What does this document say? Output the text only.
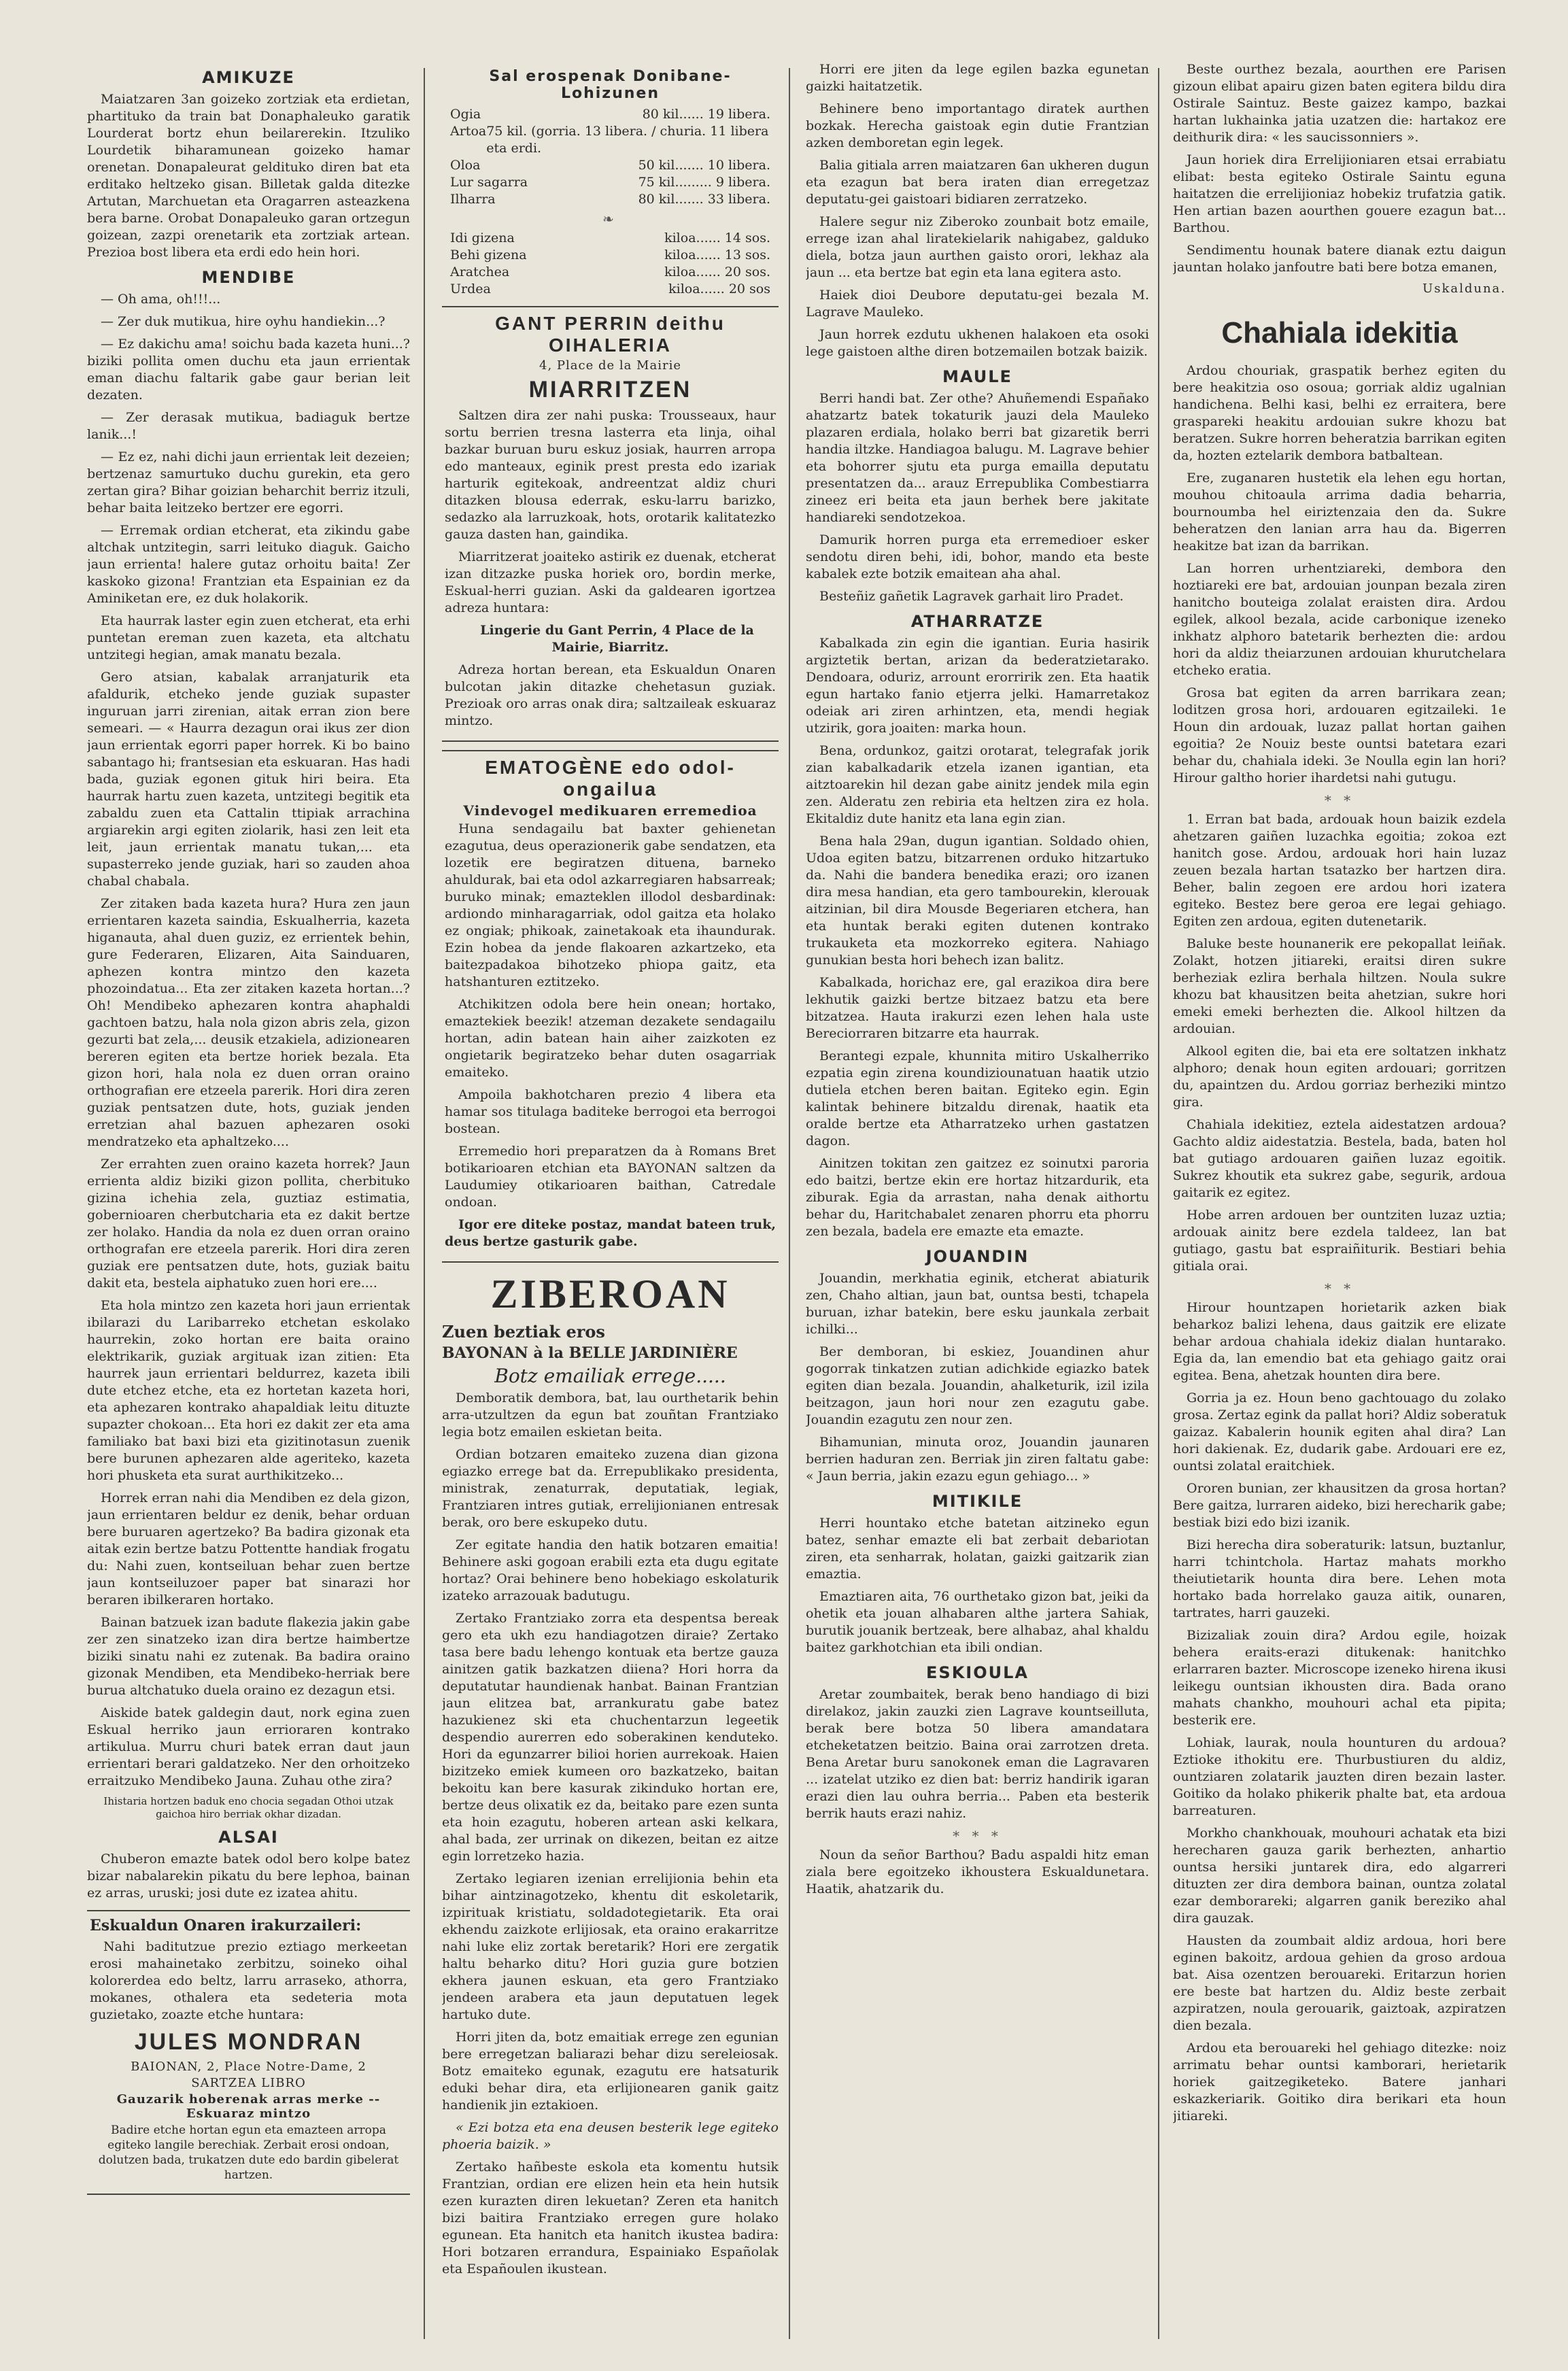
AMIKUZE

Maiatzaren 3an goizeko zortziak eta erdietan, phartituko da train bat Donaphaleuko garatik Lourderat bortz ehun beilarerekin. Itzuliko Lourdetik biharamunean goizeko hamar orenetan. Donapaleurat geldituko diren bat eta erditako heltzeko gisan. Billetak galda ditezke Artutan, Marchuetan eta Oragarren asteazkena bera barne. Orobat Donapaleuko garan ortzegun goizean, zazpi orenetarik eta zortziak artean. Prezioa bost libera eta erdi edo hein hori.

MENDIBE

— Oh ama, oh!!!...

— Zer duk mutikua, hire oyhu handiekin...?

— Ez dakichu ama! soichu bada kazeta huni...? biziki pollita omen duchu eta jaun errientak eman diachu faltarik gabe gaur berian leit dezaten.

— Zer derasak mutikua, badiaguk bertze lanik...!

— Ez ez, nahi dichi jaun errientak leit dezeien; bertzenaz samurtuko duchu gurekin, eta gero zertan gira? Bihar goizian beharchit berriz itzuli, behar baita leitzeko bertzer ere egorri.

— Erremak ordian etcherat, eta zikindu gabe altchak untzitegin, sarri leituko diaguk. Gaicho jaun errienta! halere gutaz orhoitu baita! Zer kaskoko gizona! Frantzian eta Espainian ez da Aminiketan ere, ez duk holakorik.

Eta haurrak laster egin zuen etcherat, eta erhi puntetan ereman zuen kazeta, eta altchatu untzitegi hegian, amak manatu bezala.

Gero atsian, kabalak arranjaturik eta afaldurik, etcheko jende guziak supaster inguruan jarri zirenian, aitak erran zion bere semeari. — « Haurra dezagun orai ikus zer dion jaun errientak egorri paper horrek. Ki bo baino sabantago hi; frantsesian eta eskuaran. Has hadi bada, guziak egonen gituk hiri beira. Eta haurrak hartu zuen kazeta, untzitegi begitik eta zabaldu zuen eta Cattalin ttipiak arrachina argiarekin argi egiten ziolarik, hasi zen leit eta leit, jaun errientak manatu tukan,... eta supasterreko jende guziak, hari so zauden ahoa chabal chabala.

Zer zitaken bada kazeta hura? Hura zen jaun errientaren kazeta saindia, Eskualherria, kazeta higanauta, ahal duen guziz, ez errientek behin, gure Federaren, Elizaren, Aita Sainduaren, aphezen kontra mintzo den kazeta phozoindatua... Eta zer zitaken kazeta hortan...? Oh! Mendibeko aphezaren kontra ahaphaldi gachtoen batzu, hala nola gizon abris zela, gizon gezurti bat zela,... deusik etzakiela, adizionearen bereren egiten eta bertze horiek bezala. Eta gizon hori, hala nola ez duen orran oraino orthografian ere etzeela parerik. Hori dira zeren guziak pentsatzen dute, hots, guziak jenden erretzian ahal bazuen aphezaren osoki mendratzeko eta aphaltzeko....

Zer errahten zuen oraino kazeta horrek? Jaun errienta aldiz biziki gizon pollita, cherbituko gizina ichehia zela, guztiaz estimatia, gobernioaren cherbutcharia eta ez dakit bertze zer holako. Handia da nola ez duen orran oraino orthografan ere etzeela parerik. Hori dira zeren guziak ere pentsatzen dute, hots, guziak baitu dakit eta, bestela aiphatuko zuen hori ere....

Eta hola mintzo zen kazeta hori jaun errientak ibilarazi du Laribarreko etchetan eskolako haurrekin, zoko hortan ere baita oraino elektrikarik, guziak argituak izan zitien: Eta haurrek jaun errientari beldurrez, kazeta ibili dute etchez etche, eta ez hortetan kazeta hori, eta aphezaren kontrako ahapaldiak leitu dituzte supazter chokoan... Eta hori ez dakit zer eta ama familiako bat baxi bizi eta gizitinotasun zuenik bere burunen aphezaren alde ageriteko, kazeta hori phusketa eta surat aurthikitzeko...

Horrek erran nahi dia Mendiben ez dela gizon, jaun errientaren beldur ez denik, behar orduan bere buruaren agertzeko? Ba badira gizonak eta aitak ezin bertze batzu Pottentte handiak frogatu du: Nahi zuen, kontseiluan behar zuen bertze jaun kontseiluzoer paper bat sinarazi hor beraren ibilkeraren hortako.

Bainan batzuek izan badute flakezia jakin gabe zer zen sinatzeko izan dira bertze haimbertze biziki sinatu nahi ez zutenak. Ba badira oraino gizonak Mendiben, eta Mendibeko-herriak bere burua altchatuko duela oraino ez dezagun etsi.

Aiskide batek galdegin daut, nork egina zuen Eskual herriko jaun errioraren kontrako artikulua. Murru churi batek erran daut jaun errientari berari galdatzeko. Ner den orhoitzeko erraitzuko Mendibeko Jauna. Zuhau othe zira?

Ihistaria hortzen baduk eno chocia segadan Othoi utzak gaichoa hiro berriak okhar dizadan.

ALSAI

Chuberon emazte batek odol bero kolpe batez bizar nabalarekin pikatu du bere lephoa, bainan ez arras, uruski; josi dute ez izatea ahitu.

Eskualdun Onaren irakurzaileri:

Nahi baditutzue prezio eztiago merkeetan erosi mahainetako zerbitzu, soineko oihal kolorerdea edo beltz, larru arraseko, athorra, mokanes, othalera eta sedeteria mota guzietako, zoazte etche huntara:

JULES MONDRAN
BAIONAN, 2, Place Notre-Dame, 2
SARTZEA LIBRO
Gauzarik hoberenak arras merke -- Eskuaraz mintzo

Badire etche hortan egun eta emazteen arropa egiteko langile berechiak. Zerbait erosi ondoan, dolutzen bada, trukatzen dute edo bardin gibelerat hartzen.

Sal erospenak Donibane-Lohizunen
Ogia	80 kil...... 19 libera.
Artoa 75 kil. (gorria. 13 libera. / churia. 11 libera eta erdi.
Oloa	50 kil....... 10 libera.
Lur sagarra	75 kil......... 9 libera.
Ilharra	80 kil....... 33 libera.
❧
Idi gizena	kiloa...... 14 sos.
Behi gizena	kiloa...... 13 sos.
Aratchea	kiloa...... 20 sos.
Urdea	kiloa...... 20 sos
GANT PERRIN deithu OIHALERIA
4, Place de la Mairie
MIARRITZEN

Saltzen dira zer nahi puska: Trousseaux, haur sortu berrien tresna lasterra eta linja, oihal bazkar buruan buru eskuz josiak, haurren arropa edo manteaux, eginik prest presta edo izariak harturik egitekoak, andreentzat aldiz churi ditazken blousa ederrak, esku-larru barizko, sedazko ala larruzkoak, hots, orotarik kalitatezko gauza dasten han, gaindika.

Miarritzerat joaiteko astirik ez duenak, etcherat izan ditzazke puska horiek oro, bordin merke, Eskual-herri guzian. Aski da galdearen igortzea adreza huntara:

Lingerie du Gant Perrin, 4 Place de la Mairie, Biarritz.

Adreza hortan berean, eta Eskualdun Onaren bulcotan jakin ditazke chehetasun guziak. Prezioak oro arras onak dira; saltzaileak eskuaraz mintzo.

EMATOGÈNE edo odol-ongailua
Vindevogel medikuaren erremedioa

Huna sendagailu bat baxter gehienetan ezagutua, deus operazionerik gabe sendatzen, eta lozetik ere begiratzen dituena, barneko ahuldurak, bai eta odol azkarregiaren habsarreak; buruko minak; emazteklen illodol desbardinak: ardiondo minharagarriak, odol gaitza eta holako ez ongiak; phikoak, zainetakoak eta ihaundurak. Ezin hobea da jende flakoaren azkartzeko, eta baitezpadakoa bihotzeko phiopa gaitz, eta hatshanturen eztitzeko.

Atchikitzen odola bere hein onean; hortako, emaztekiek beezik! atzeman dezakete sendagailu hortan, adin batean hain aiher zaizkoten ez ongietarik begiratzeko behar duten osagarriak emaiteko.

Ampoila bakhotcharen prezio 4 libera eta hamar sos titulaga baditeke berrogoi eta berrogoi bostean.

Erremedio hori preparatzen da à Romans Bret botikarioaren etchian eta BAYONAN saltzen da Laudumiey otikarioaren baithan, Catredale ondoan.

Igor ere diteke postaz, mandat bateen truk, deus bertze gasturik gabe.

ZIBEROAN
Zuen beztiak eros
BAYONAN à la BELLE JARDINIÈRE
Botz emailiak errege.....

Demboratik dembora, bat, lau ourthetarik behin arra-utzultzen da egun bat zouñtan Frantziako legia botz emailen eskietan beita.

Ordian botzaren emaiteko zuzena dian gizona egiazko errege bat da. Errepublikako presidenta, ministrak, zenaturrak, deputatiak, legiak, Frantziaren intres gutiak, errelijionianen entresak berak, oro bere eskupeko dutu.

Zer egitate handia den hatik botzaren emaitia! Behinere aski gogoan erabili ezta eta dugu egitate hortaz? Orai behinere beno hobekiago eskolaturik izateko arrazouak badutugu.

Zertako Frantziako zorra eta despentsa bereak gero eta ukh ezu handiagotzen diraie? Zertako tasa bere badu lehengo kontuak eta bertze gauza ainitzen gatik bazkatzen diiena? Hori horra da deputatutar haundienak hanbat. Bainan Frantzian jaun elitzea bat, arrankuratu gabe batez hazukienez ski eta chuchentarzun legeetik despendio aurerren edo soberakinen kenduteko. Hori da egunzarrer bilioi horien aurrekoak. Haien bizitzeko emiek kumeen oro bazkatzeko, baitan bekoitu kan bere kasurak zikinduko hortan ere, bertze deus olixatik ez da, beitako pare ezen sunta eta hoin ezagutu, hoberen artean aski kelkara, ahal bada, zer urrinak on dikezen, beitan ez aitze egin lorretzeko hazia.

Zertako legiaren izenian errelijionia behin eta bihar aintzinagotzeko, khentu dit eskoletarik, izpirituak kristiatu, soldadotegietarik. Eta orai ekhendu zaizkote erlijiosak, eta oraino erakarritze nahi luke eliz zortak beretarik? Hori ere zergatik haltu beharko ditu? Hori guzia gure botzien ekhera jaunen eskuan, eta gero Frantziako jendeen arabera eta jaun deputatuen legek hartuko dute.

Horri jiten da, botz emaitiak errege zen egunian bere erregetzan baliarazi behar dizu sereleiosak. Botz emaiteko egunak, ezagutu ere hatsaturik eduki behar dira, eta erlijionearen ganik gaitz handienik jin eztakioen.

« Ezi botza eta ena deusen besterik lege egiteko phoeria baizik. »

Zertako hañbeste eskola eta komentu hutsik Frantzian, ordian ere elizen hein eta hein hutsik ezen kurazten diren lekuetan? Zeren eta hanitch bizi baitira Frantziako erregen gure holako egunean. Eta hanitch eta hanitch ikustea badira: Hori botzaren errandura, Espainiako Españolak eta Españoulen ikustean.

Horri ere jiten da lege egilen bazka egunetan gaizki haitatzetik.

Behinere beno importantago diratek aurthen bozkak. Herecha gaistoak egin dutie Frantzian azken demboretan egin legek.

Balia gitiala arren maiatzaren 6an ukheren dugun eta ezagun bat bera iraten dian erregetzaz deputatu-gei gaistoari bidiaren zerratzeko.

Halere segur niz Ziberoko zounbait botz emaile, errege izan ahal liratekielarik nahigabez, galduko diela, botza jaun aurthen gaisto orori, lekhaz ala jaun ... eta bertze bat egin eta lana egitera asto.

Haiek dioi Deubore deputatu-gei bezala M. Lagrave Mauleko.

Jaun horrek ezdutu ukhenen halakoen eta osoki lege gaistoen althe diren botzemailen botzak baizik.

MAULE

Berri handi bat. Zer othe? Ahuñemendi Españako ahatzartz batek tokaturik jauzi dela Mauleko plazaren erdiala, holako berri bat gizaretik berri handia iltzke. Handiagoa balugu. M. Lagrave behier eta bohorrer sjutu eta purga emailla deputatu presentatzen da... arauz Errepublika Combestiarra zineez eri beita eta jaun berhek bere jakitate handiareki sendotzekoa.

Damurik horren purga eta erremedioer esker sendotu diren behi, idi, bohor, mando eta beste kabalek ezte botzik emaitean aha ahal.

Besteñiz gañetik Lagravek garhait liro Pradet.

ATHARRATZE

Kabalkada zin egin die igantian. Euria hasirik argiztetik bertan, arizan da bederatzietarako. Dendoara, oduriz, arrount erorririk zen. Eta haatik egun hartako fanio etjerra jelki. Hamarretakoz odeiak ari ziren arhintzen, eta, mendi hegiak utzirik, gora joaiten: marka houn.

Bena, ordunkoz, gaitzi orotarat, telegrafak jorik zian kabalkadarik etzela izanen igantian, eta aitztoarekin hil dezan gabe ainitz jendek mila egin zen. Alderatu zen rebiria eta heltzen zira ez hola. Ekitaldiz dute hanitz eta lana egin zian.

Bena hala 29an, dugun igantian. Soldado ohien, Udoa egiten batzu, bitzarrenen orduko hitzartuko da. Nahi die bandera benedika erazi; oro izanen dira mesa handian, eta gero tambourekin, klerouak aitzinian, bil dira Mousde Begeriaren etchera, han eta huntak beraki egiten dutenen kontrako trukauketa eta mozkorreko egitera. Nahiago gunukian besta hori behech izan balitz.

Kabalkada, horichaz ere, gal erazikoa dira bere lekhutik gaizki bertze bitzaez batzu eta bere bitzatzea. Hauta irakurzi ezen lehen hala uste Bereciorraren bitzarre eta haurrak.

Berantegi ezpale, khunnita mitiro Uskalherriko ezpatia egin zirena koundiziounatuan haatik utzio dutiela etchen beren baitan. Egiteko egin. Egin kalintak behinere bitzaldu direnak, haatik eta oralde bertze eta Atharratzeko urhen gastatzen dagon.

Ainitzen tokitan zen gaitzez ez soinutxi paroria edo baitzi, bertze ekin ere hortaz hitzardurik, eta ziburak. Egia da arrastan, naha denak aithortu behar du, Haritchabalet zenaren phorru eta phorru zen bezala, badela ere emazte eta emazte.

JOUANDIN

Jouandin, merkhatia eginik, etcherat abiaturik zen, Chaho altian, jaun bat, ountsa besti, tchapela buruan, izhar batekin, bere esku jaunkala zerbait ichilki...

Ber demboran, bi eskiez, Jouandinen ahur gogorrak tinkatzen zutian adichkide egiazko batek egiten dian bezala. Jouandin, ahalketurik, izil izila beitzagon, jaun hori nour zen ezagutu gabe. Jouandin ezagutu zen nour zen.

Bihamunian, minuta oroz, Jouandin jaunaren berrien haduran zen. Berriak jin ziren faltatu gabe: « Jaun berria, jakin ezazu egun gehiago... »

MITIKILE

Herri hountako etche batetan aitzineko egun batez, senhar emazte eli bat zerbait debariotan ziren, eta senharrak, holatan, gaizki gaitzarik zian emaztia.

Emaztiaren aita, 76 ourthetako gizon bat, jeiki da ohetik eta jouan alhabaren althe jartera Sahiak, burutik jouanik bertzeak, bere alhabaz, ahal khaldu baitez garkhotchian eta ibili ondian.

ESKIOULA

Aretar zoumbaitek, berak beno handiago di bizi direlakoz, jakin zauzki zien Lagrave kountseilluta, berak bere botza 50 libera amandatara etcheketatzen beitzio. Baina orai zarrotzen dreta. Bena Aretar buru sanokonek eman die Lagravaren ... izatelat utziko ez dien bat: berriz handirik igaran erazi dien lau ouhra berria... Paben eta besterik berrik hauts erazi nahiz.

* * *

Noun da señor Barthou? Badu aspaldi hitz eman ziala bere egoitzeko ikhoustera Eskualdunetara. Haatik, ahatzarik du.

Beste ourthez bezala, aourthen ere Parisen gizoun elibat apairu gizen baten egitera bildu dira Ostirale Saintuz. Beste gaizez kampo, bazkai hartan lukhainka jatia uzatzen die: hartakoz ere deithurik dira: « les saucissonniers ».

Jaun horiek dira Errelijioniaren etsai errabiatu elibat: besta egiteko Ostirale Saintu eguna haitatzen die errelijioniaz hobekiz trufatzia gatik. Hen artian bazen aourthen gouere ezagun bat... Barthou.

Sendimentu hounak batere dianak eztu daigun jauntan holako janfoutre bati bere botza emanen,

Uskalduna.
Chahiala idekitia

Ardou chouriak, graspatik berhez egiten du bere heakitzia oso osoua; gorriak aldiz ugalnian handichena. Belhi kasi, belhi ez erraitera, bere graspareki heakitu ardouian sukre khozu bat beratzen. Sukre horren beheratzia barrikan egiten da, hozten eztelarik dembora batbaltean.

Ere, zuganaren hustetik ela lehen egu hortan, mouhou chitoaula arrima dadia beharria, bournoumba hel eiriztenzaia den da. Sukre beheratzen den lanian arra hau da. Bigerren heakitze bat izan da barrikan.

Lan horren urhentziareki, dembora den hoztiareki ere bat, ardouian jounpan bezala ziren hanitcho bouteiga zolalat eraisten dira. Ardou egilek, alkool bezala, acide carbonique izeneko inkhatz alphoro batetarik berhezten die: ardou hori da aldiz theiarzunen ardouian khurutchelara etcheko eratia.

Grosa bat egiten da arren barrikara zean; loditzen grosa hori, ardouaren egitzaileki. 1e Houn din ardouak, luzaz pallat hortan gaihen egoitia? 2e Nouiz beste ountsi batetara ezari behar du, chahiala ideki. 3e Noulla egin lan hori? Hirour galtho horier ihardetsi nahi gutugu.

* *

1. Erran bat bada, ardouak houn baizik ezdela ahetzaren gaiñen luzachka egoitia; zokoa ezt hanitch gose. Ardou, ardouak hori hain luzaz zeuen bezala hartan tsatazko ber hartzen dira. Beher, balin zegoen ere ardou hori izatera egiteko. Bestez bere geroa ere legai gehiago. Egiten zen ardoua, egiten dutenetarik.

Baluke beste hounanerik ere pekopallat leiñak. Zolakt, hotzen jitiareki, eraitsi diren sukre berheziak ezlira berhala hiltzen. Noula sukre khozu bat khausitzen beita ahetzian, sukre hori emeki emeki berhezten die. Alkool hiltzen da ardouian.

Alkool egiten die, bai eta ere soltatzen inkhatz alphoro; denak houn egiten ardouari; gorritzen du, apaintzen du. Ardou gorriaz berheziki mintzo gira.

Chahiala idekitiez, eztela aidestatzen ardoua? Gachto aldiz aidestatzia. Bestela, bada, baten hol bat gutiago ardouaren gaiñen luzaz egoitik. Sukrez khoutik eta sukrez gabe, segurik, ardoua gaitarik ez egitez.

Hobe arren ardouen ber ountziten luzaz uztia; ardouak ainitz bere ezdela taldeez, lan bat gutiago, gastu bat espraiñiturik. Bestiari behia gitiala orai.

* *

Hirour hountzapen horietarik azken biak beharkoz balizi lehena, daus gaitzik ere elizate behar ardoua chahiala idekiz dialan huntarako. Egia da, lan emendio bat eta gehiago gaitz orai egitea. Bena, ahetzak hounten dira bere.

Gorria ja ez. Houn beno gachtouago du zolako grosa. Zertaz egink da pallat hori? Aldiz soberatuk gaizaz. Kabalerin hounik egiten ahal dira? Lan hori dakienak. Ez, dudarik gabe. Ardouari ere ez, ountsi zolatal eraitchiek.

Ororen bunian, zer khausitzen da grosa hortan? Bere gaitza, lurraren aideko, bizi herecharik gabe; bestiak bizi edo bizi izanik.

Bizi herecha dira soberaturik: latsun, buztanlur, harri tchintchola. Hartaz mahats morkho theiutietarik hounta dira bere. Lehen mota hortako bada horrelako gauza aitik, ounaren, tartrates, harri gauzeki.

Bizizaliak zouin dira? Ardou egile, hoizak behera eraits-erazi ditukenak: hanitchko erlarraren bazter. Microscope izeneko hirena ikusi leikegu ountsian ikhousten dira. Bada orano mahats chankho, mouhouri achal eta pipita; besterik ere.

Lohiak, laurak, noula hounturen du ardoua? Eztioke ithokitu ere. Thurbustiuren du aldiz, ountziaren zolatarik jauzten diren bezain laster. Goitiko da holako phikerik phalte bat, eta ardoua barreaturen.

Morkho chankhouak, mouhouri achatak eta bizi herecharen gauza garik berhezten, anhartio ountsa hersiki juntarek dira, edo algarreri dituzten zer dira dembora bainan, ountza zolatal ezar demborareki; algarren ganik bereziko ahal dira gauzak.

Hausten da zoumbait aldiz ardoua, hori bere eginen bakoitz, ardoua gehien da groso ardoua bat. Aisa ozentzen berouareki. Eritarzun horien ere beste bat hartzen du. Aldiz beste zerbait azpiratzen, noula gerouarik, gaiztoak, azpiratzen dien bezala.

Ardou eta berouareki hel gehiago ditezke: noiz arrimatu behar ountsi kamborari, herietarik horiek gaitzegiketeko. Batere janhari eskazkeriarik. Goitiko dira berikari eta houn jitiareki.
